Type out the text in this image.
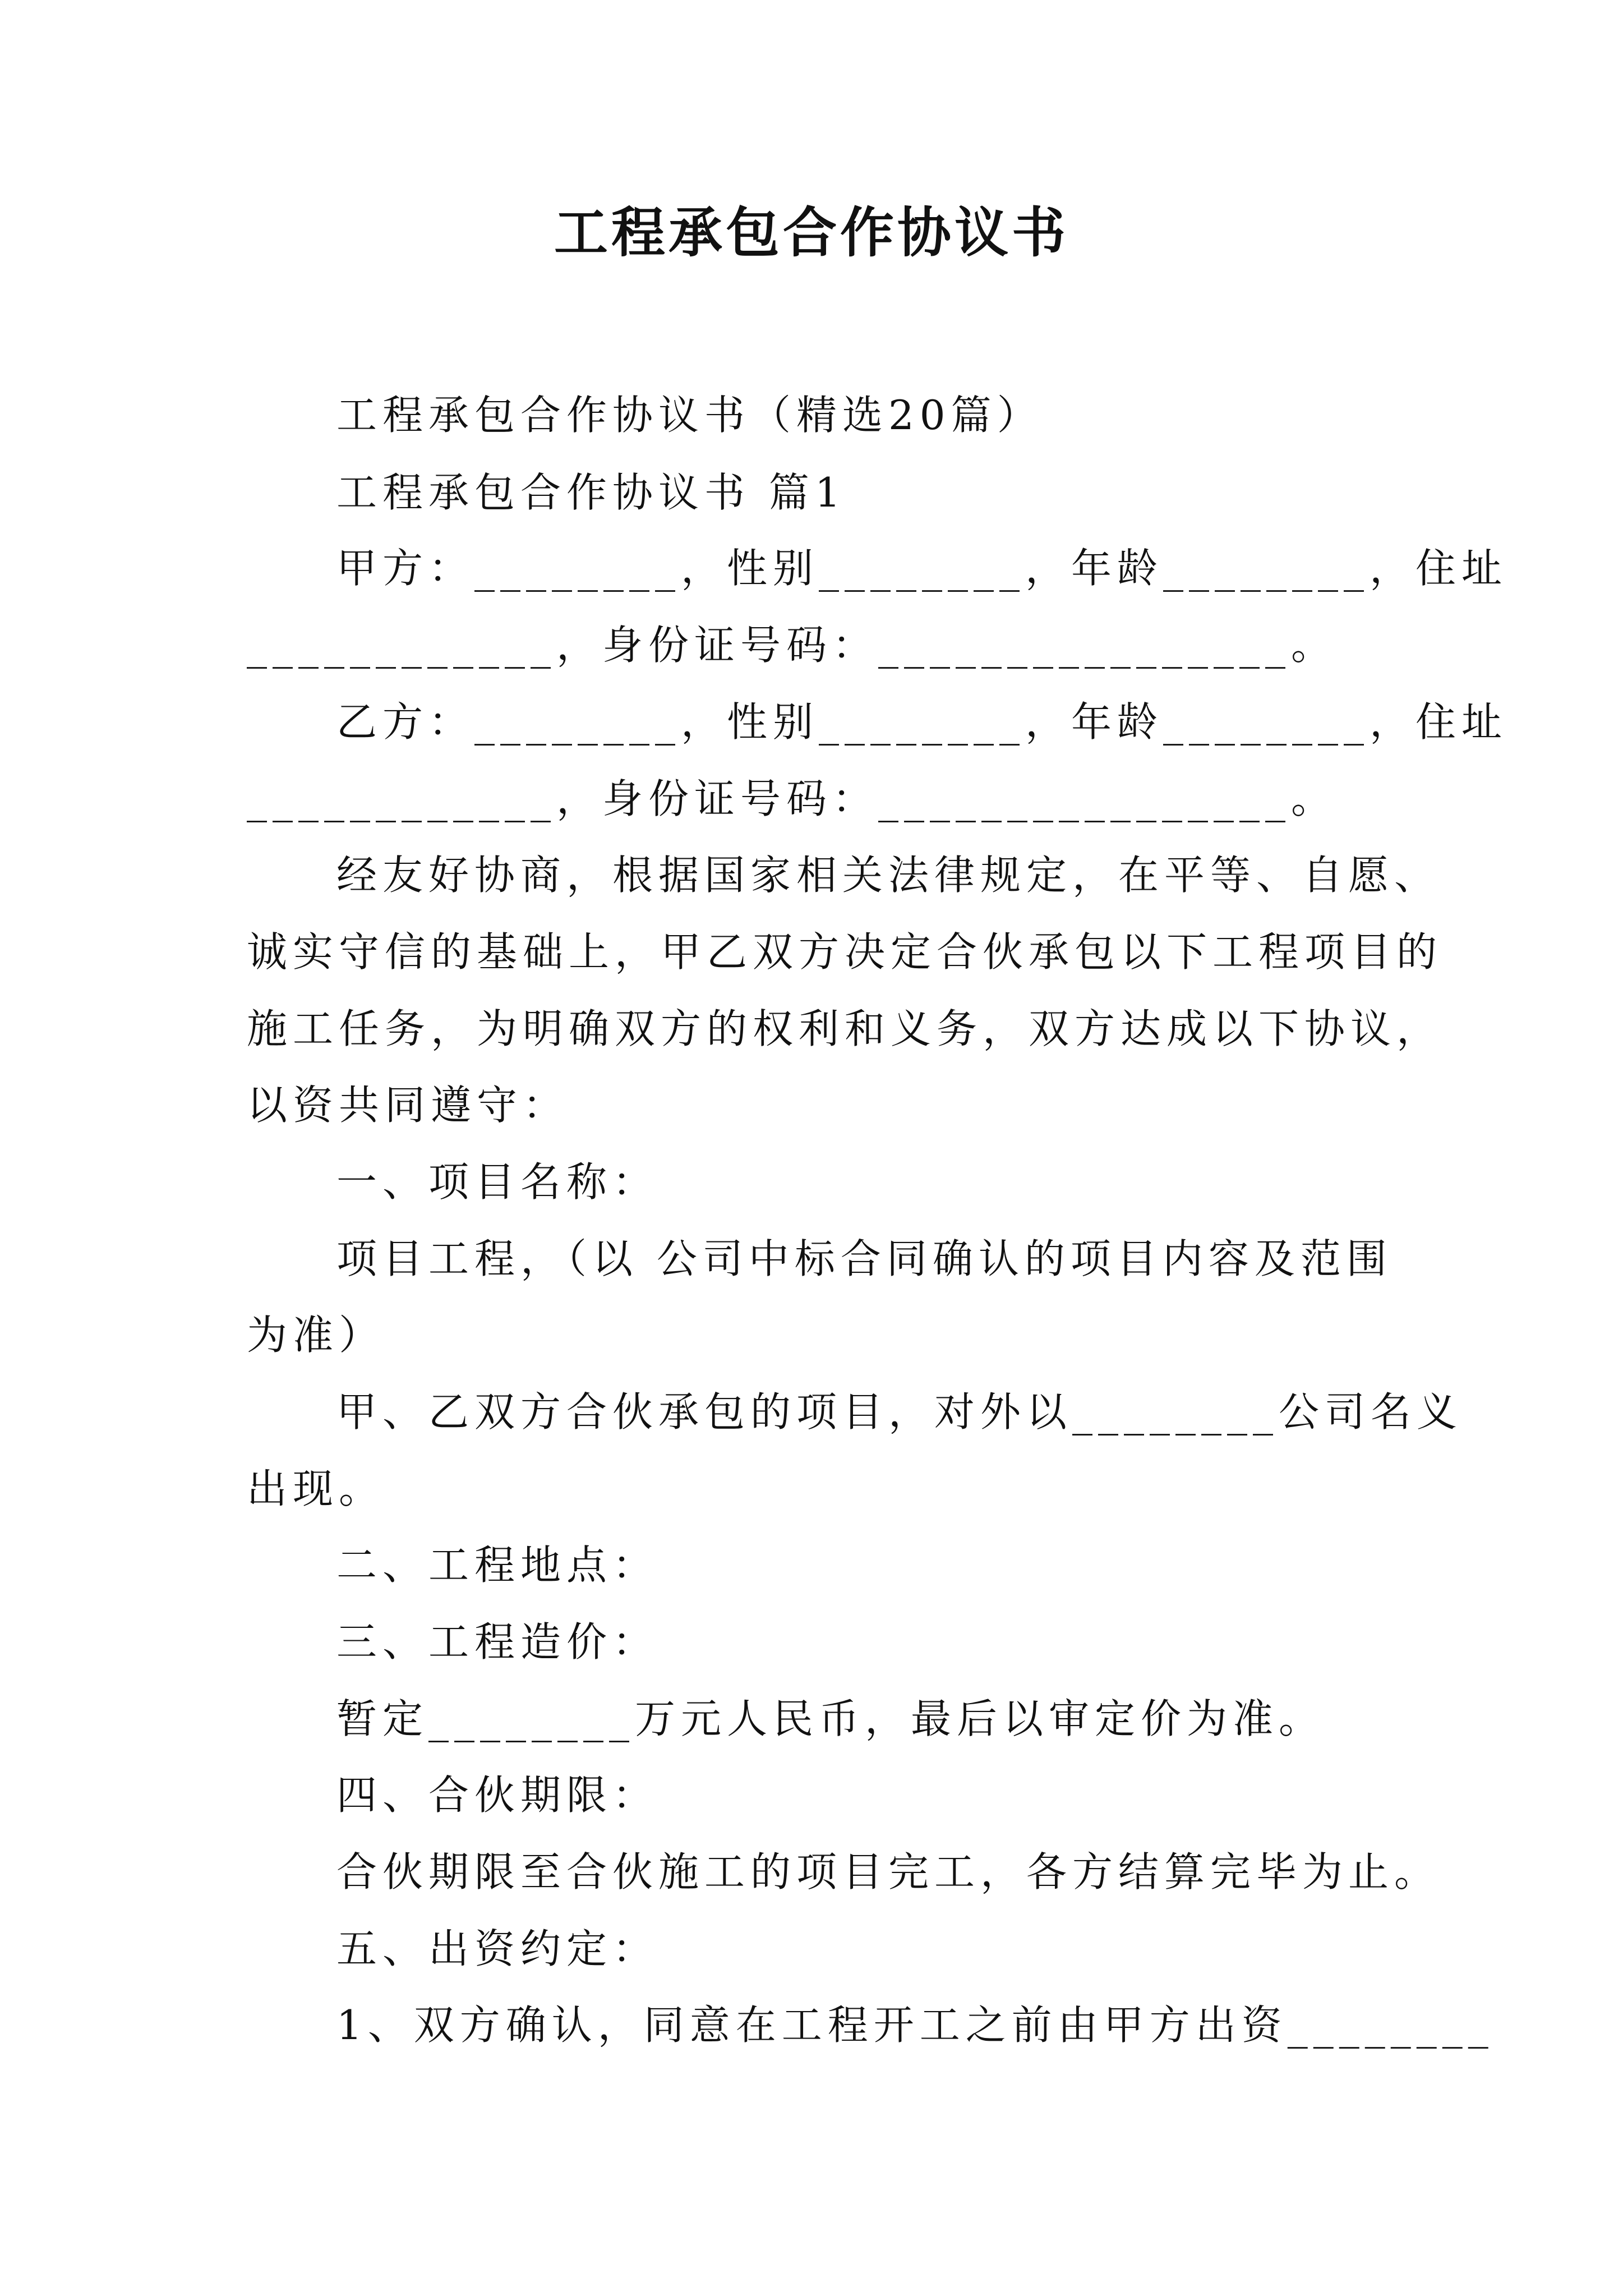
工程承包合作协议书
工程承包合作协议书（精选20篇）
工程承包合作协议书 篇1
甲方：________，性别________，年龄________，住址
____________，身份证号码：________________。
乙方：________，性别________，年龄________，住址
____________，身份证号码：________________。
经友好协商，根据国家相关法律规定，在平等、自愿、
诚实守信的基础上，甲乙双方决定合伙承包以下工程项目的
施工任务，为明确双方的权利和义务，双方达成以下协议，
以资共同遵守：
一、项目名称：
项目工程，（以 公司中标合同确认的项目内容及范围
为准）
甲、乙双方合伙承包的项目，对外以________公司名义
出现。
二、工程地点：
三、工程造价：
暂定________万元人民币，最后以审定价为准。
四、合伙期限：
合伙期限至合伙施工的项目完工，各方结算完毕为止。
五、出资约定：
1、双方确认，同意在工程开工之前由甲方出资________
